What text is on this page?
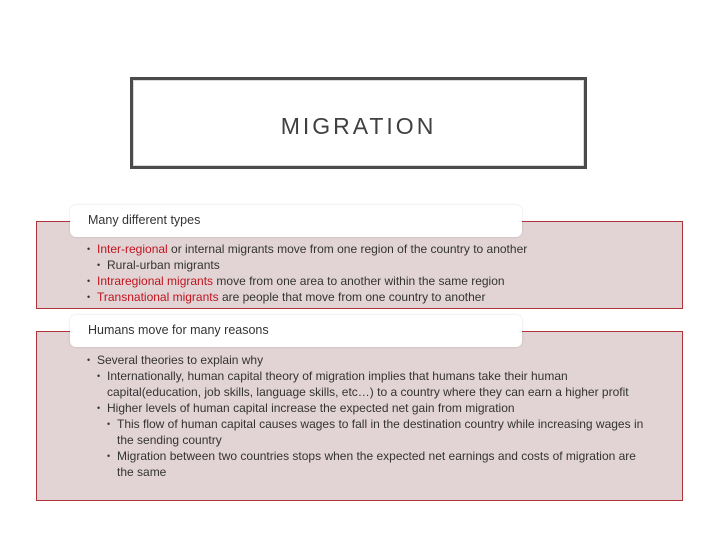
MIGRATION
Many different types
• Inter-regional or internal migrants move from one region of the country to another
• Rural-urban migrants
• Intraregional migrants move from one area to another within the same region
• Transnational migrants are people that move from one country to another
Humans move for many reasons
• Several theories to explain why
• Internationally, human capital theory of migration implies that humans take their human capital(education, job skills, language skills, etc…) to a country where they can earn a higher profit
• Higher levels of human capital increase the expected net gain from migration
• This flow of human capital causes wages to fall in the destination country while increasing wages in the sending country
• Migration between two countries stops when the expected net earnings and costs of migration are the same
